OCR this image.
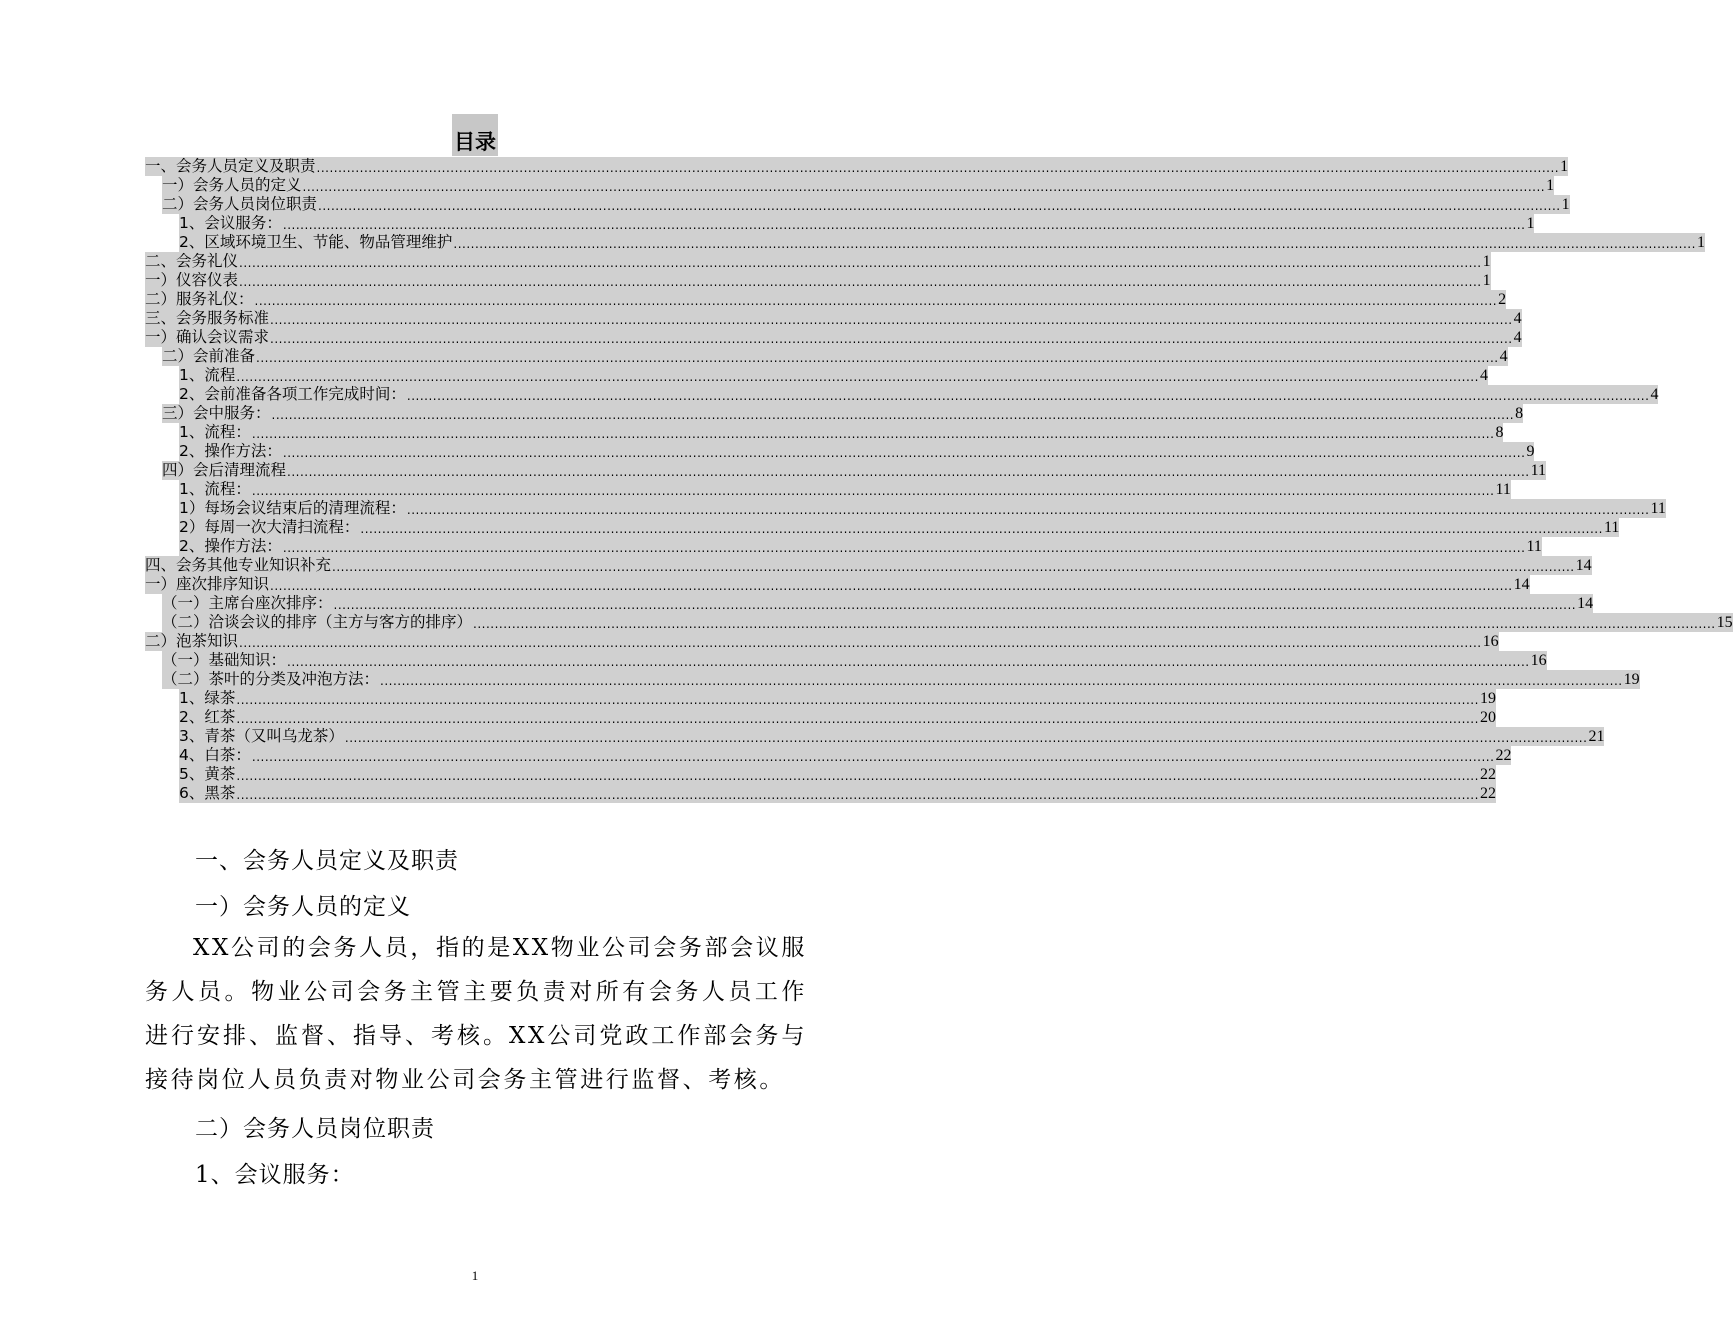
目录
一、会务人员定义及职责 .....	1
一）会务人员的定义 .....	1
二）会务人员岗位职责 .....	1
1、会议服务： .....	1
2、区域环境卫生、节能、物品管理维护 .....	1
二、会务礼仪 .....	1
一）仪容仪表 .....	1
二）服务礼仪： .....	2
三、会务服务标准 .....	4
一）确认会议需求 .....	4
二）会前准备 .....	4
1、流程 .....	4
2、会前准备各项工作完成时间： .....	4
三）会中服务： .....	8
1、流程： .....	8
2、操作方法： .....	9
四）会后清理流程 .....	11
1、流程： .....	11
1）每场会议结束后的清理流程： .....	11
2）每周一次大清扫流程： .....	11
2、操作方法： .....	11
四、会务其他专业知识补充 .....	14
一）座次排序知识 .....	14
（一）主席台座次排序： .....	14
（二）洽谈会议的排序（主方与客方的排序） .....	15
二）泡茶知识 .....	16
（一）基础知识： .....	16
（二）茶叶的分类及冲泡方法： .....	19
1、绿茶 .....	19
2、红茶 .....	20
3、青茶（又叫乌龙茶） .....	21
4、白茶： .....	22
5、黄茶 .....	22
6、黑茶 .....	22
一、会务人员定义及职责
一）会务人员的定义
XX公司的会务人员，指的是XX物业公司会务部会议服务人员。物业公司会务主管主要负责对所有会务人员工作进行安排、监督、指导、考核。XX公司党政工作部会务与接待岗位人员负责对物业公司会务主管进行监督、考核。
二）会务人员岗位职责
1、会议服务：
1
